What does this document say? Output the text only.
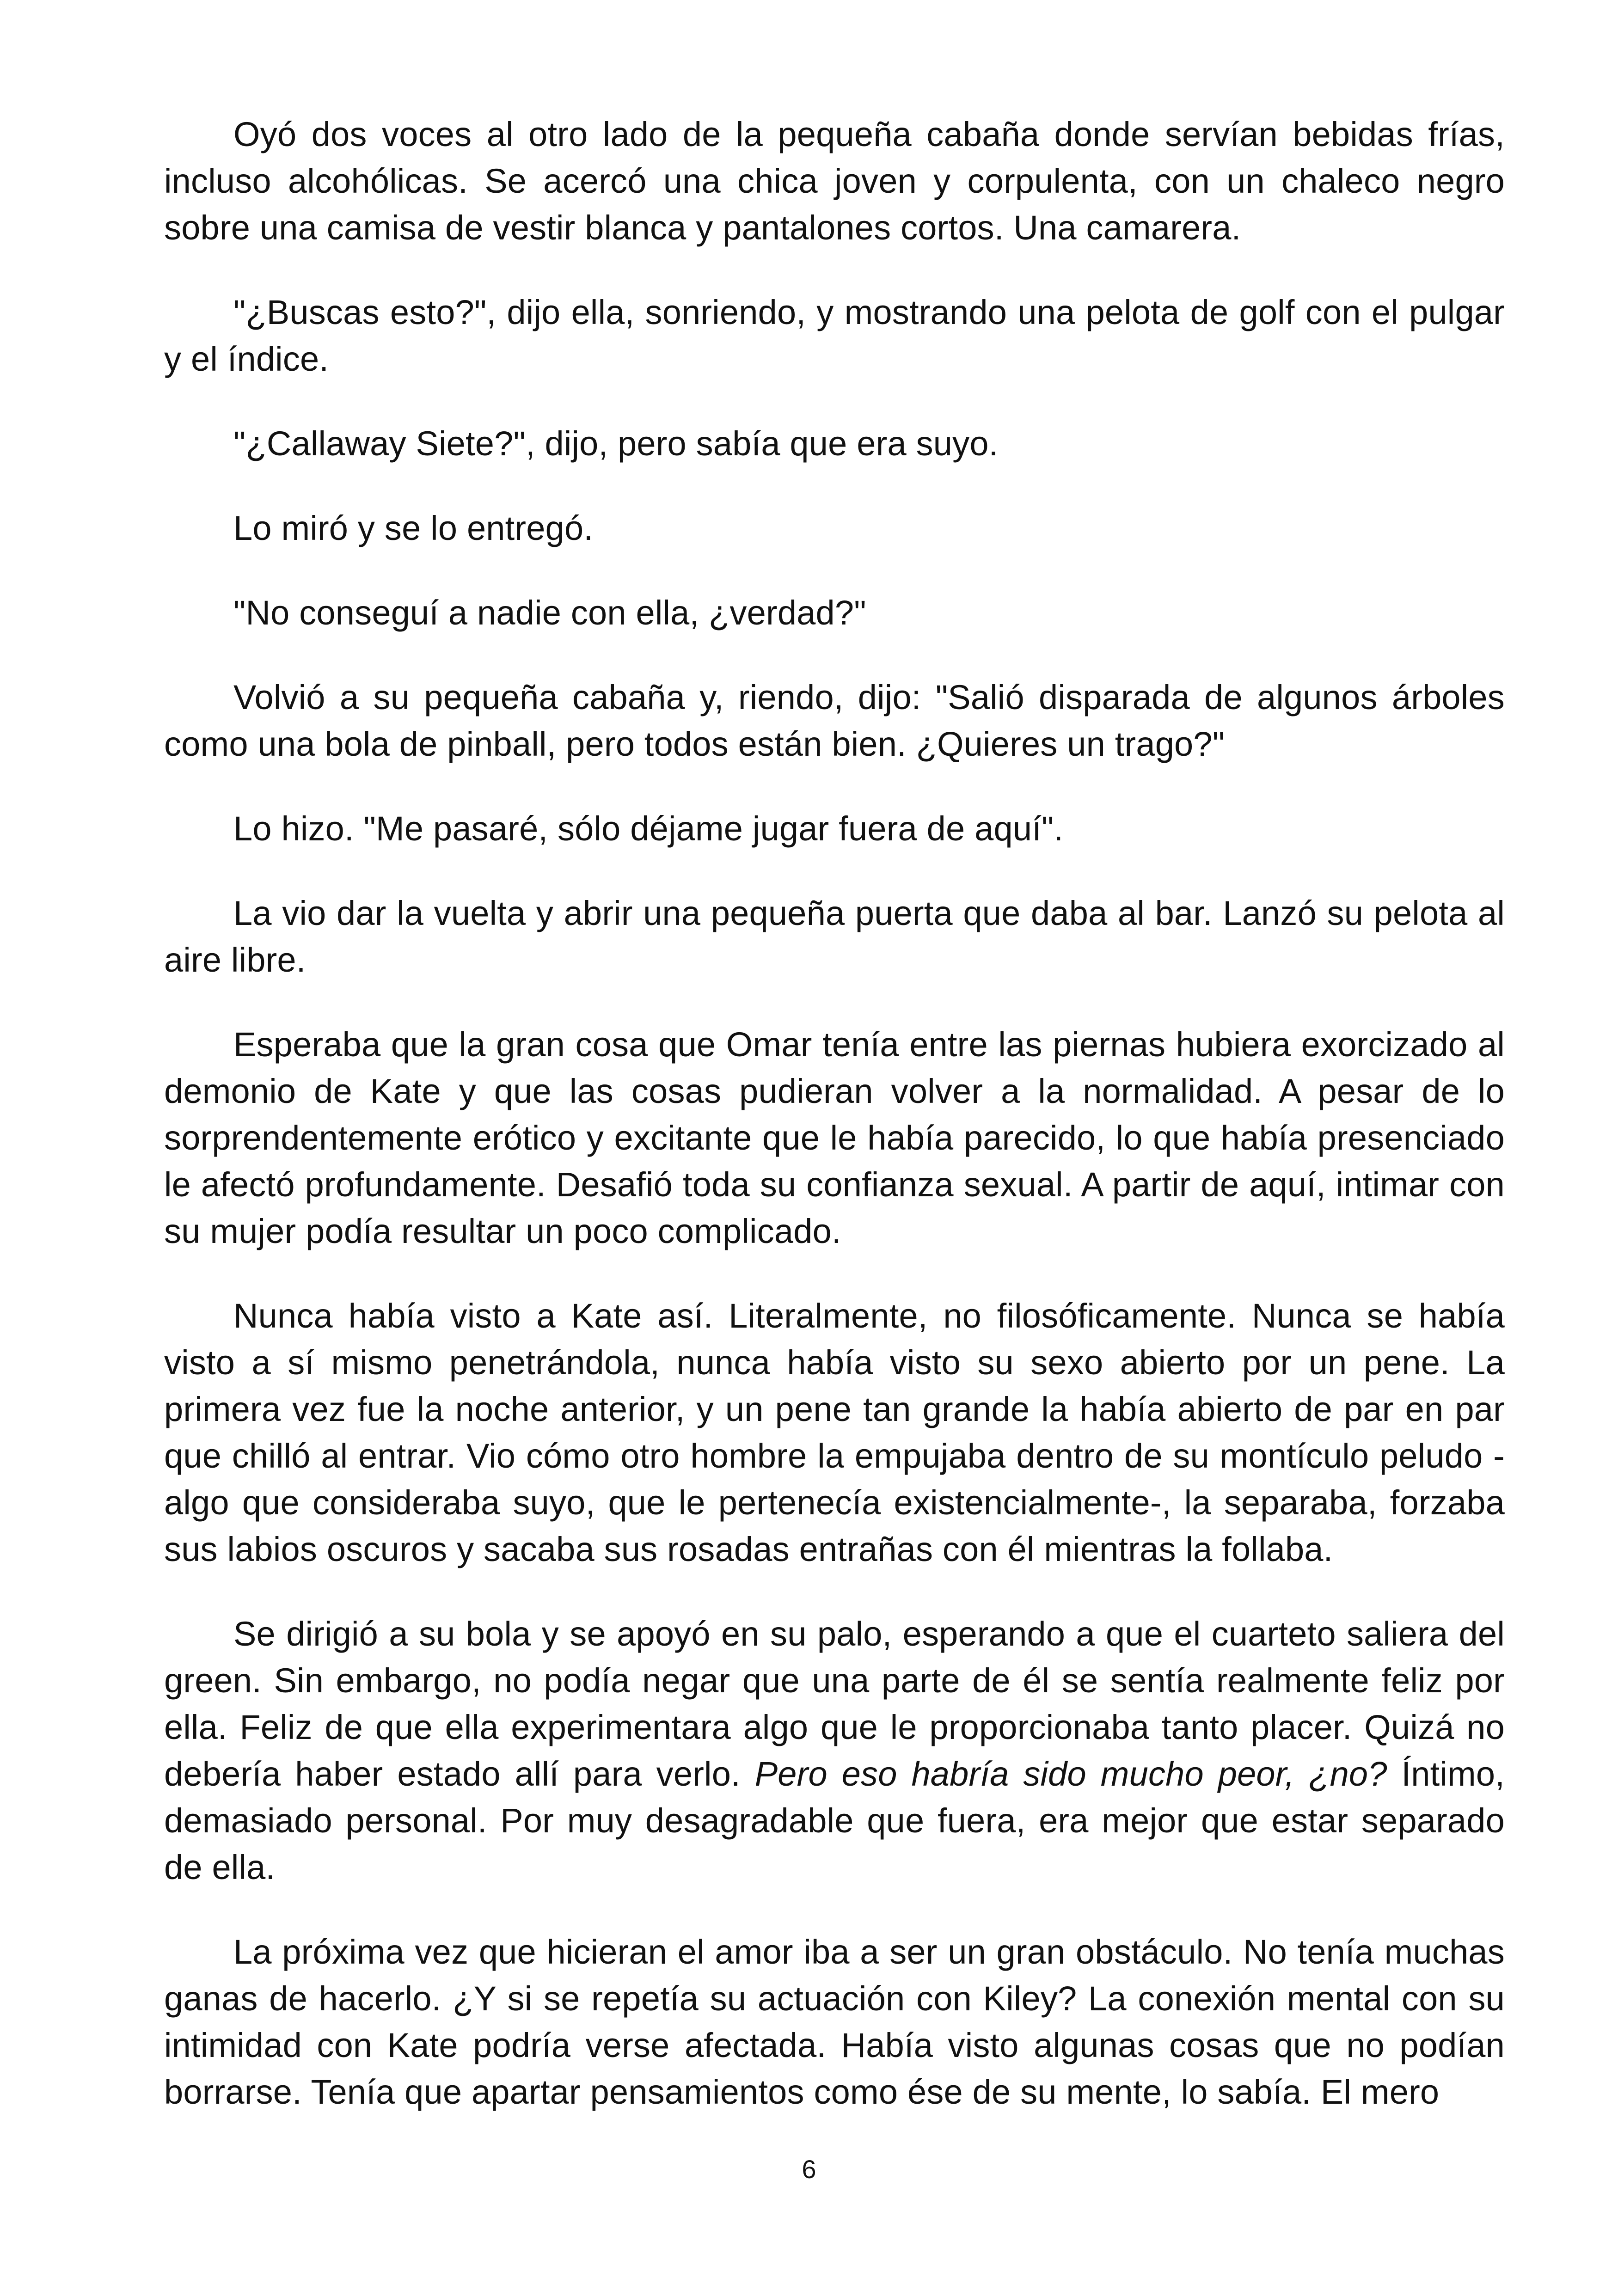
Oyó dos voces al otro lado de la pequeña cabaña donde servían bebidas frías, incluso alcohólicas. Se acercó una chica joven y corpulenta, con un chaleco negro sobre una camisa de vestir blanca y pantalones cortos. Una camarera.

"¿Buscas esto?", dijo ella, sonriendo, y mostrando una pelota de golf con el pulgar y el índice.

"¿Callaway Siete?", dijo, pero sabía que era suyo.

Lo miró y se lo entregó.

"No conseguí a nadie con ella, ¿verdad?"

Volvió a su pequeña cabaña y, riendo, dijo: "Salió disparada de algunos árboles como una bola de pinball, pero todos están bien. ¿Quieres un trago?"

Lo hizo. "Me pasaré, sólo déjame jugar fuera de aquí".

La vio dar la vuelta y abrir una pequeña puerta que daba al bar. Lanzó su pelota al aire libre.

Esperaba que la gran cosa que Omar tenía entre las piernas hubiera exorcizado al demonio de Kate y que las cosas pudieran volver a la normalidad. A pesar de lo sorprendentemente erótico y excitante que le había parecido, lo que había presenciado le afectó profundamente. Desafió toda su confianza sexual. A partir de aquí, intimar con su mujer podía resultar un poco complicado.

Nunca había visto a Kate así. Literalmente, no filosóficamente. Nunca se había visto a sí mismo penetrándola, nunca había visto su sexo abierto por un pene. La primera vez fue la noche anterior, y un pene tan grande la había abierto de par en par que chilló al entrar. Vio cómo otro hombre la empujaba dentro de su montículo peludo -algo que consideraba suyo, que le pertenecía existencialmente-, la separaba, forzaba sus labios oscuros y sacaba sus rosadas entrañas con él mientras la follaba.

Se dirigió a su bola y se apoyó en su palo, esperando a que el cuarteto saliera del green. Sin embargo, no podía negar que una parte de él se sentía realmente feliz por ella. Feliz de que ella experimentara algo que le proporcionaba tanto placer. Quizá no debería haber estado allí para verlo. Pero eso habría sido mucho peor, ¿no? Íntimo, demasiado personal. Por muy desagradable que fuera, era mejor que estar separado de ella.

La próxima vez que hicieran el amor iba a ser un gran obstáculo. No tenía muchas ganas de hacerlo. ¿Y si se repetía su actuación con Kiley? La conexión mental con su intimidad con Kate podría verse afectada. Había visto algunas cosas que no podían borrarse. Tenía que apartar pensamientos como ése de su mente, lo sabía. El mero

6
